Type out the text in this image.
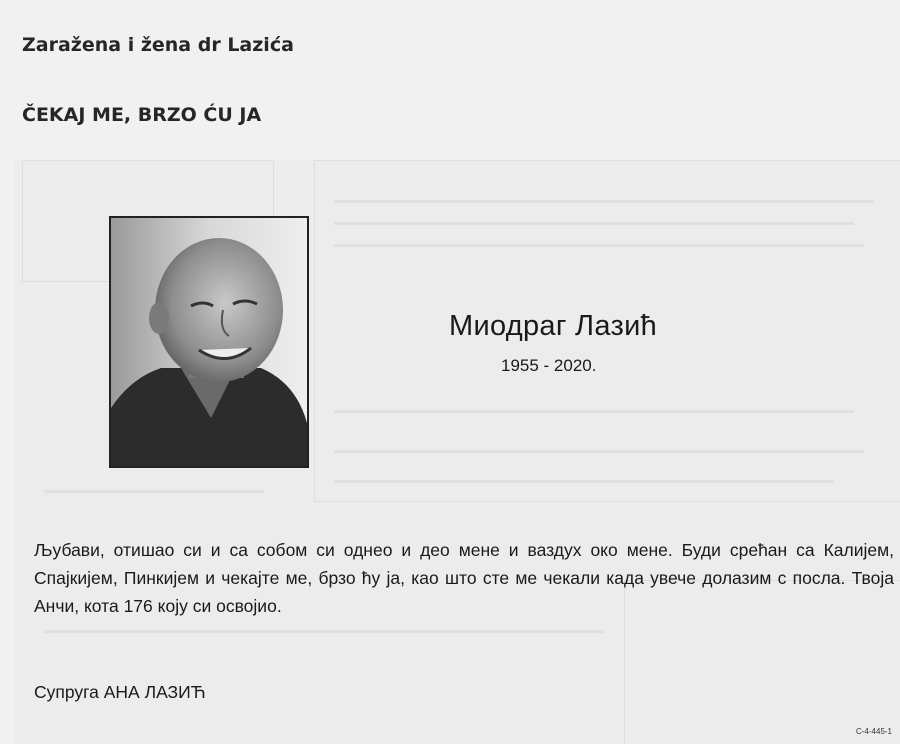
Zaražena i žena dr Lazića
ČEKAJ ME, BRZO ĆU JA
Миодраг Лазић
1955 - 2020.

Љубави, отишао си и са собом си однео и део мене и ваздух око мене. Буди срећан са Калијем, Спајкијем, Пинкијем и чекајте ме, брзо ћу ја, као што сте ме чекали када увече долазим с посла. Твоја Анчи, кота 176 коју си освојио.

Супруга АНА ЛАЗИЋ
C-4-445-1
